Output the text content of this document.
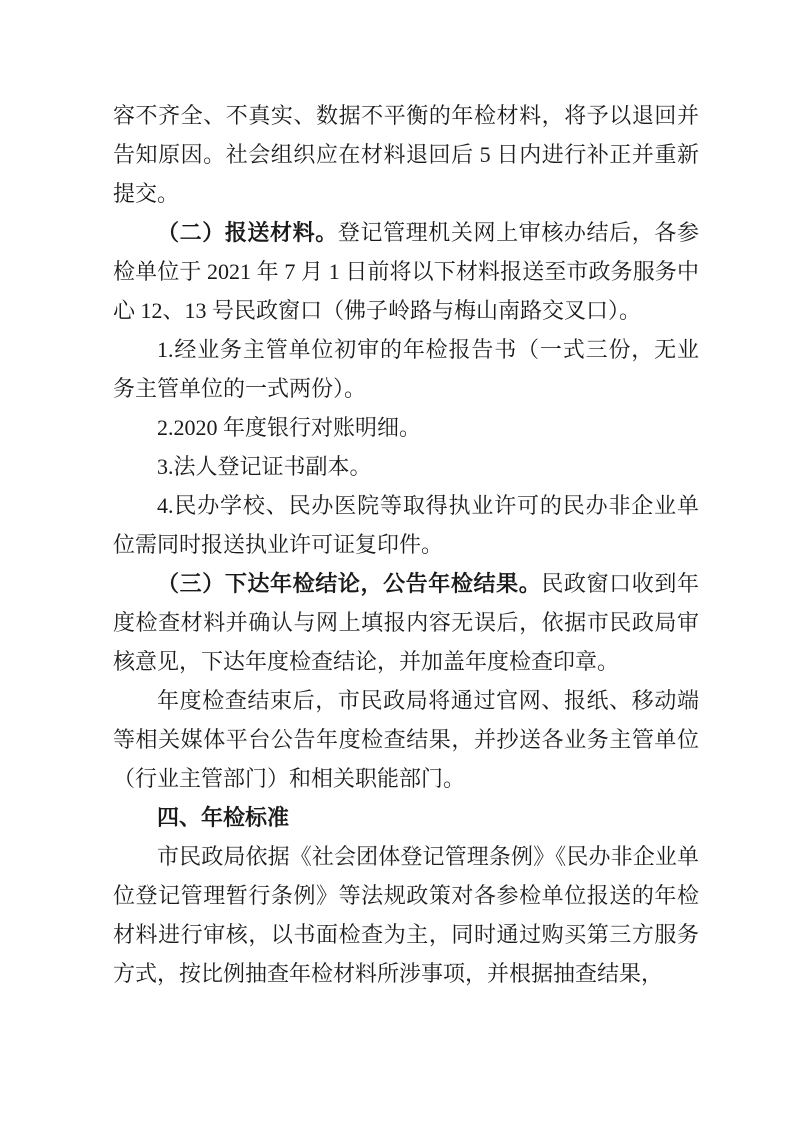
容不齐全、不真实、数据不平衡的年检材料，将予以退回并告知原因。社会组织应在材料退回后 5 日内进行补正并重新提交。

（二）报送材料。登记管理机关网上审核办结后，各参检单位于 2021 年 7 月 1 日前将以下材料报送至市政务服务中心 12、13 号民政窗口（佛子岭路与梅山南路交叉口）。

1.经业务主管单位初审的年检报告书（一式三份，无业务主管单位的一式两份）。

2.2020 年度银行对账明细。

3.法人登记证书副本。

4.民办学校、民办医院等取得执业许可的民办非企业单位需同时报送执业许可证复印件。

（三）下达年检结论，公告年检结果。民政窗口收到年度检查材料并确认与网上填报内容无误后，依据市民政局审核意见，下达年度检查结论，并加盖年度检查印章。

年度检查结束后，市民政局将通过官网、报纸、移动端等相关媒体平台公告年度检查结果，并抄送各业务主管单位（行业主管部门）和相关职能部门。

四、年检标准

市民政局依据《社会团体登记管理条例》《民办非企业单位登记管理暂行条例》等法规政策对各参检单位报送的年检材料进行审核，以书面检查为主，同时通过购买第三方服务方式，按比例抽查年检材料所涉事项，并根据抽查结果，
